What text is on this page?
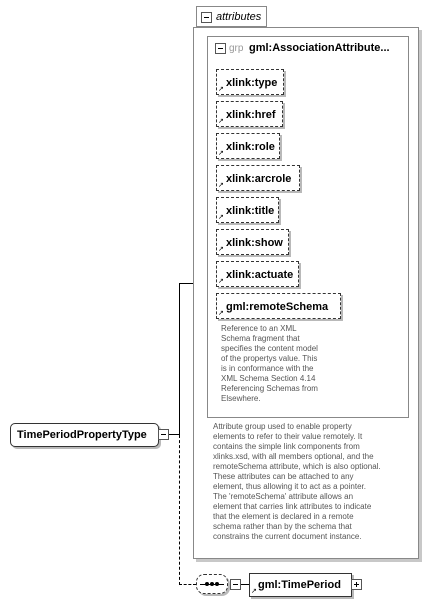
attributes
grp gml:AssociationAttribute...
xlink:type
↗
xlink:href
↗
xlink:role
↗
xlink:arcrole
↗
xlink:title
↗
xlink:show
↗
xlink:actuate
↗
gml:remoteSchema
↗
Reference to an XML
Schema fragment that
specifies the content model
of the propertys value. This
is in conformance with the
XML Schema Section 4.14
Referencing Schemas from
Elsewhere.
Attribute group used to enable property
elements to refer to their value remotely. It
contains the simple link components from
xlinks.xsd, with all members optional, and the
remoteSchema attribute, which is also optional.
These attributes can be attached to any
element, thus allowing it to act as a pointer.
The 'remoteSchema' attribute allows an
element that carries link attributes to indicate
that the element is declared in a remote
schema rather than by the schema that
constrains the current document instance.
TimePeriodPropertyType
gml:TimePeriod
↗
